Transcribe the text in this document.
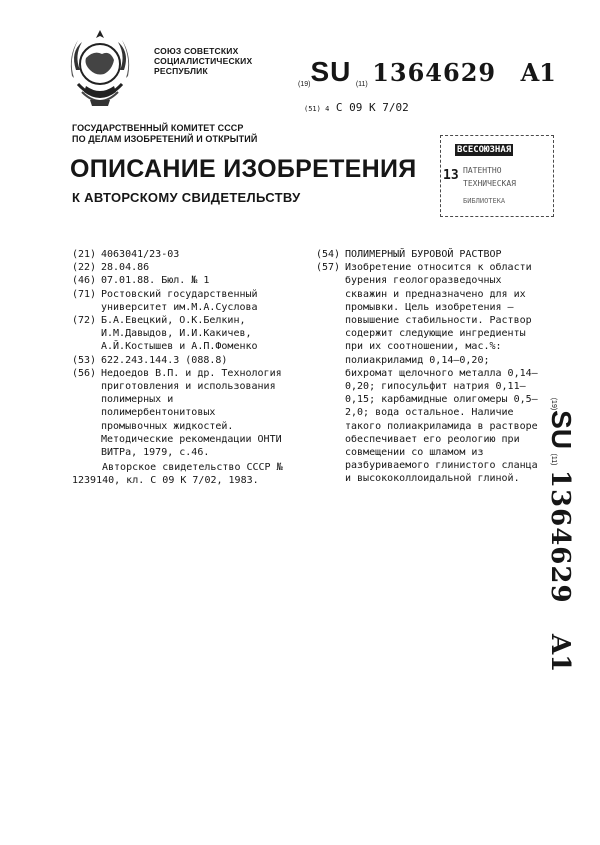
СОЮЗ СОВЕТСКИХ
СОЦИАЛИСТИЧЕСКИХ
РЕСПУБЛИК
(19)SU (11) 1364629 A1
(51) 4 С 09 К 7/02
ГОСУДАРСТВЕННЫЙ КОМИТЕТ СССР
ПО ДЕЛАМ ИЗОБРЕТЕНИЙ И ОТКРЫТИЙ
ОПИСАНИЕ ИЗОБРЕТЕНИЯ
К АВТОРСКОМУ СВИДЕТЕЛЬСТВУ
ВСЕСОЮЗНАЯ
13 ПАТЕНТНО
ТЕХНИЧЕСКАЯ
БИБЛИОТЕКА
(21) 4063041/23-03
(22) 28.04.86
(46) 07.01.88. Бюл. № 1
(71) Ростовский государственный университет им.М.А.Суслова
(72) Б.А.Евецкий, О.К.Белкин, И.М.Давыдов, И.И.Какичев, А.Й.Костышев и А.П.Фоменко
(53) 622.243.144.3 (088.8)
(56) Недоедов В.П. и др. Технология приготовления и использования полимерных и полимербентонитовых промывочных жидкостей. Методические рекомендации ОНТИ ВИТРа, 1979, с.46.
Авторское свидетельство СССР № 1239140, кл. С 09 К 7/02, 1983.
(54) ПОЛИМЕРНЫЙ БУРОВОЙ РАСТВОР
(57) Изобретение относится к области бурения геологоразведочных скважин и предназначено для их промывки. Цель изобретения – повышение стабильности. Раствор содержит следующие ингредиенты при их соотношении, мас.%: полиакриламид 0,14–0,20; бихромат щелочного металла 0,14–0,20; гипосульфит натрия 0,11–0,15; карбамидные олигомеры 0,5–2,0; вода остальное. Наличие такого полиакриламида в растворе обеспечивает его реологию при совмещении со шламом из разбуриваемого глинистого сланца и высококоллоидальной глиной.
(19)SU (11) 1364629 A1
